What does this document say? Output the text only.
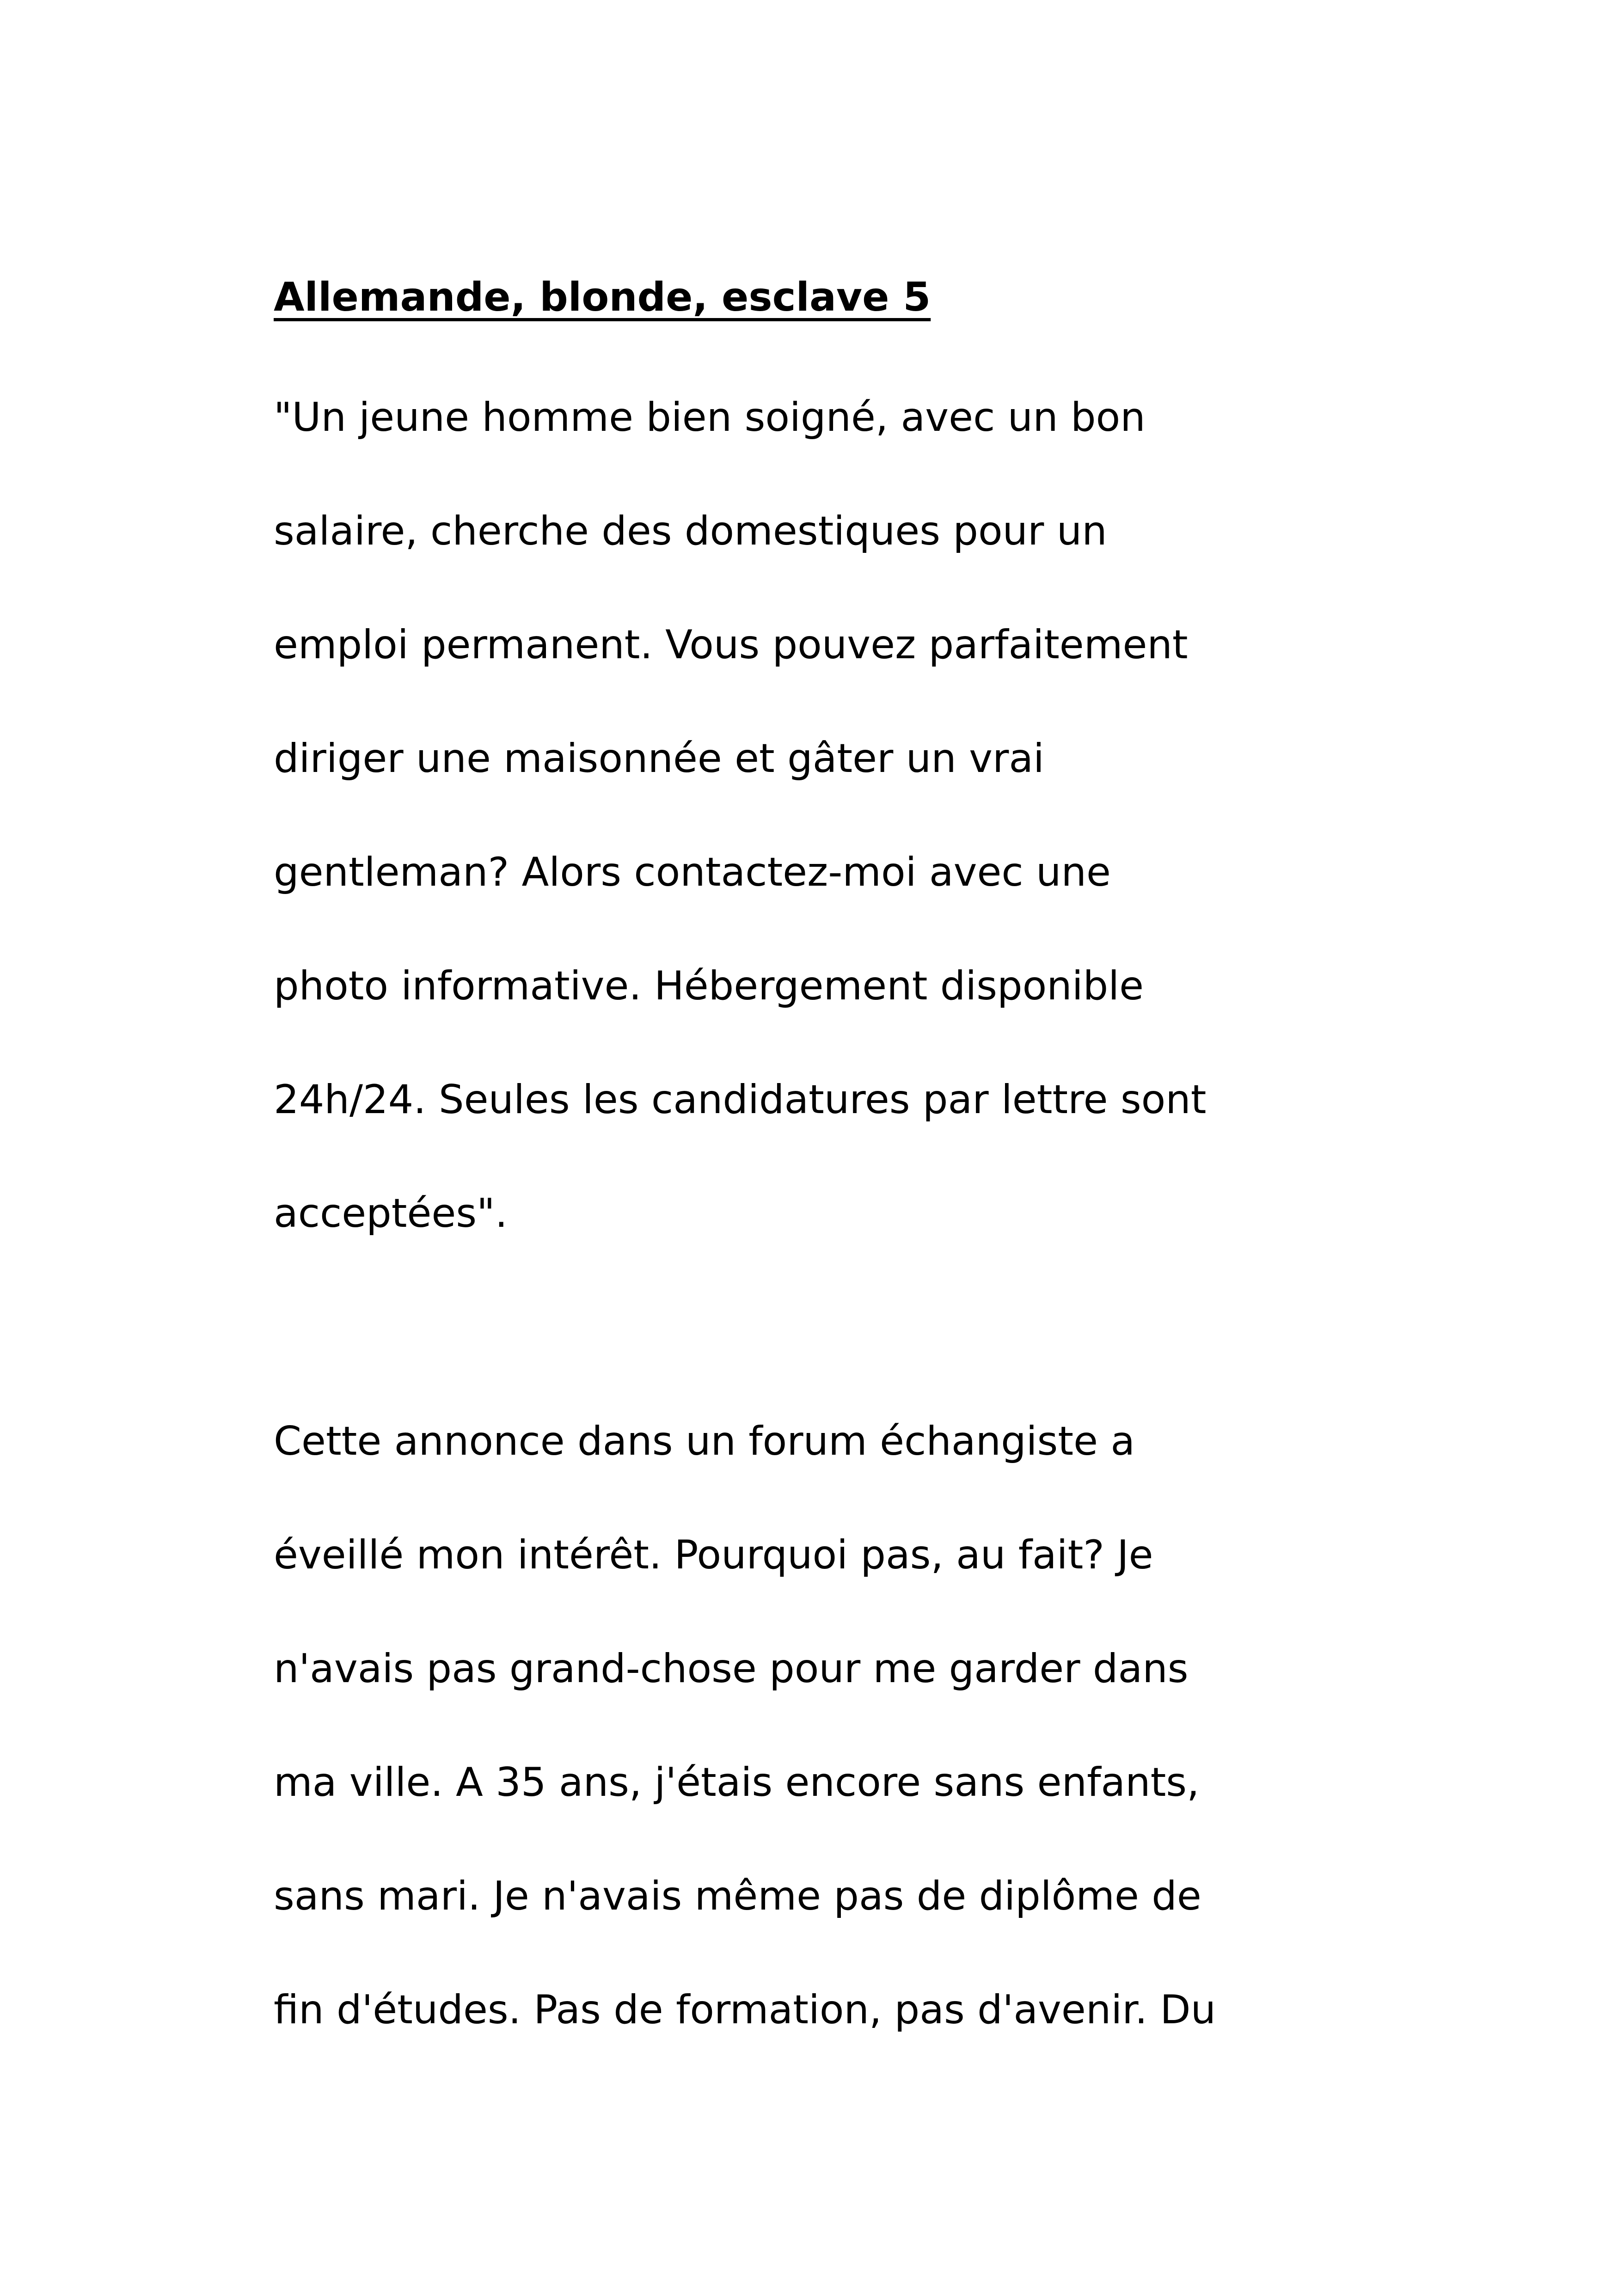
Allemande, blonde, esclave 5

"Un jeune homme bien soigné, avec un bon

salaire, cherche des domestiques pour un

emploi permanent. Vous pouvez parfaitement

diriger une maisonnée et gâter un vrai

gentleman? Alors contactez-moi avec une

photo informative. Hébergement disponible

24h/24. Seules les candidatures par lettre sont

acceptées".

Cette annonce dans un forum échangiste a

éveillé mon intérêt. Pourquoi pas, au fait? Je

n'avais pas grand-chose pour me garder dans

ma ville. A 35 ans, j'étais encore sans enfants,

sans mari. Je n'avais même pas de diplôme de

fin d'études. Pas de formation, pas d'avenir. Du
